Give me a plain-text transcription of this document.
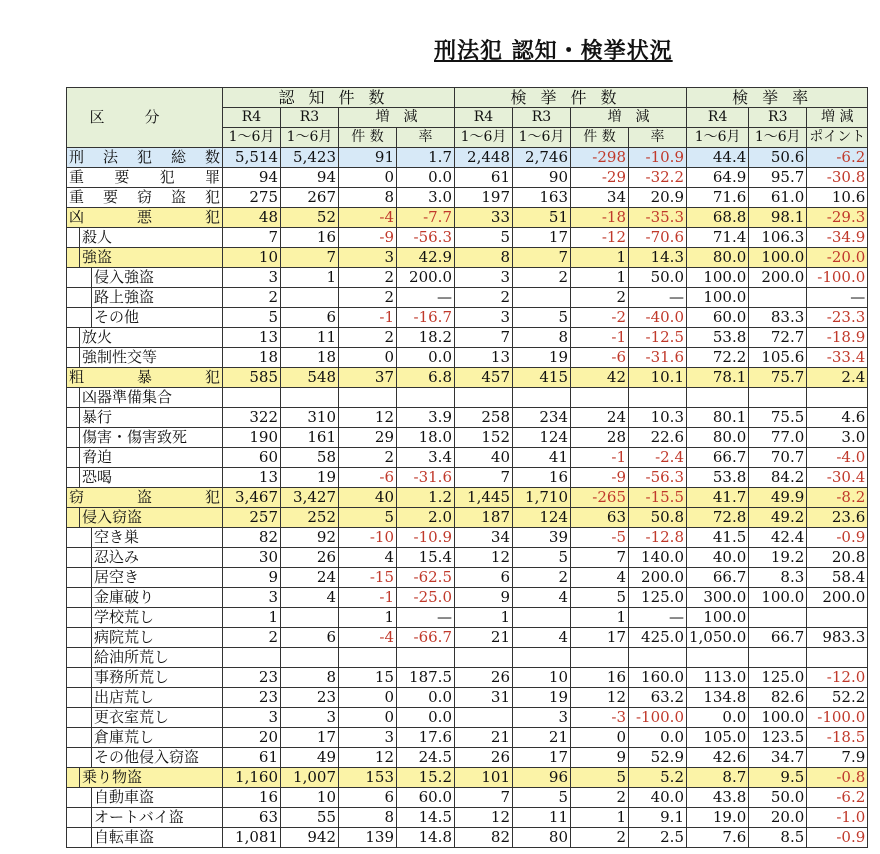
刑法犯 認知・検挙状況
区分	認知件数				検挙件数				検挙率		
	R4	R3	増　減		R4	R3	増　減		R4	R3	増 減
	1〜6月	1〜6月	件 数	率	1〜6月	1〜6月	件 数	率	1〜6月	1〜6月	ポイント

刑 法 犯 総 数	5,514	5,423	91	1.7	2,448	2,746	-298	-10.9	44.4	50.6	-6.2

重 要 犯 罪	94	94	0	0.0	61	90	-29	-32.2	64.9	95.7	-30.8

重 要 窃 盗 犯	275	267	8	3.0	197	163	34	20.9	71.6	61.0	10.6

凶 悪 犯	48	52	-4	-7.7	33	51	-18	-35.3	68.8	98.1	-29.3

殺人	7	16	-9	-56.3	5	17	-12	-70.6	71.4	106.3	-34.9

強盗	10	7	3	42.9	8	7	1	14.3	80.0	100.0	-20.0

侵入強盗	3	1	2	200.0	3	2	1	50.0	100.0	200.0	-100.0

路上強盗	2		2	—	2		2	—	100.0		—

その他	5	6	-1	-16.7	3	5	-2	-40.0	60.0	83.3	-23.3

放火	13	11	2	18.2	7	8	-1	-12.5	53.8	72.7	-18.9

強制性交等	18	18	0	0.0	13	19	-6	-31.6	72.2	105.6	-33.4

粗 暴 犯	585	548	37	6.8	457	415	42	10.1	78.1	75.7	2.4

凶器準備集合											

暴行	322	310	12	3.9	258	234	24	10.3	80.1	75.5	4.6

傷害・傷害致死	190	161	29	18.0	152	124	28	22.6	80.0	77.0	3.0

脅迫	60	58	2	3.4	40	41	-1	-2.4	66.7	70.7	-4.0

恐喝	13	19	-6	-31.6	7	16	-9	-56.3	53.8	84.2	-30.4

窃 盗 犯	3,467	3,427	40	1.2	1,445	1,710	-265	-15.5	41.7	49.9	-8.2

侵入窃盗	257	252	5	2.0	187	124	63	50.8	72.8	49.2	23.6

空き巣	82	92	-10	-10.9	34	39	-5	-12.8	41.5	42.4	-0.9

忍込み	30	26	4	15.4	12	5	7	140.0	40.0	19.2	20.8

居空き	9	24	-15	-62.5	6	2	4	200.0	66.7	8.3	58.4

金庫破り	3	4	-1	-25.0	9	4	5	125.0	300.0	100.0	200.0

学校荒し	1		1	—	1		1	—	100.0		

病院荒し	2	6	-4	-66.7	21	4	17	425.0	1,050.0	66.7	983.3

給油所荒し											

事務所荒し	23	8	15	187.5	26	10	16	160.0	113.0	125.0	-12.0

出店荒し	23	23	0	0.0	31	19	12	63.2	134.8	82.6	52.2

更衣室荒し	3	3	0	0.0		3	-3	-100.0	0.0	100.0	-100.0

倉庫荒し	20	17	3	17.6	21	21	0	0.0	105.0	123.5	-18.5

その他侵入窃盗	61	49	12	24.5	26	17	9	52.9	42.6	34.7	7.9

乗り物盗	1,160	1,007	153	15.2	101	96	5	5.2	8.7	9.5	-0.8

自動車盗	16	10	6	60.0	7	5	2	40.0	43.8	50.0	-6.2

オートバイ盗	63	55	8	14.5	12	11	1	9.1	19.0	20.0	-1.0

自転車盗	1,081	942	139	14.8	82	80	2	2.5	7.6	8.5	-0.9
